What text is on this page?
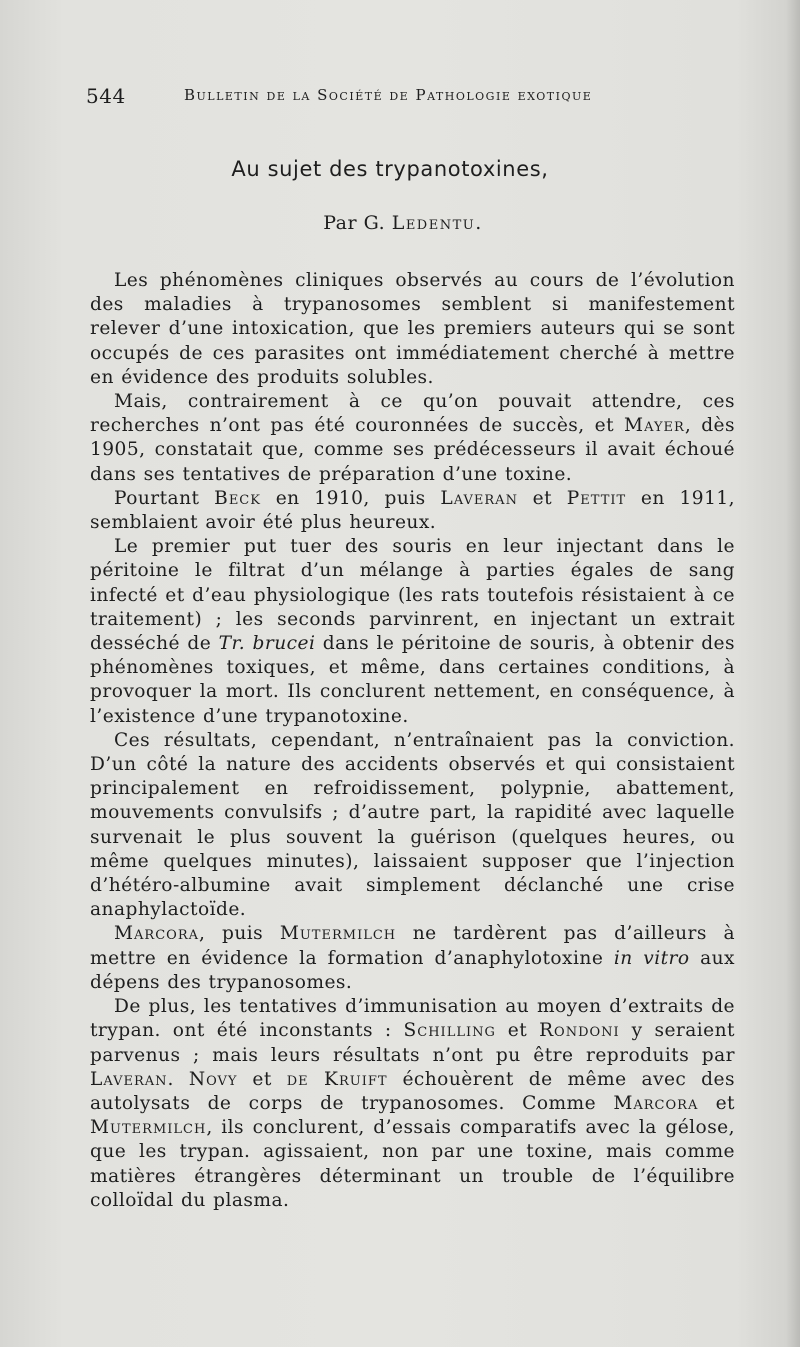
544	Bulletin de la Société de Pathologie exotique
Au sujet des trypanotoxines,
Par G. Ledentu.

Les phénomènes cliniques observés au cours de l’évolution des maladies à trypanosomes semblent si manifestement relever d’une intoxication, que les premiers auteurs qui se sont occupés de ces parasites ont immédiatement cherché à mettre en évidence des produits solubles.

Mais, contrairement à ce qu’on pouvait attendre, ces recherches n’ont pas été couronnées de succès, et Mayer, dès 1905, constatait que, comme ses prédécesseurs il avait échoué dans ses tentatives de préparation d’une toxine.

Pourtant Beck en 1910, puis Laveran et Pettit en 1911, semblaient avoir été plus heureux.

Le premier put tuer des souris en leur injectant dans le péritoine le filtrat d’un mélange à parties égales de sang infecté et d’eau physiologique (les rats toutefois résistaient à ce traitement) ; les seconds parvinrent, en injectant un extrait desséché de Tr. brucei dans le péritoine de souris, à obtenir des phénomènes toxiques, et même, dans certaines conditions, à provoquer la mort. Ils conclurent nettement, en conséquence, à l’existence d’une trypanotoxine.

Ces résultats, cependant, n’entraînaient pas la conviction. D’un côté la nature des accidents observés et qui consistaient principalement en refroidissement, polypnie, abattement, mouvements convulsifs ; d’autre part, la rapidité avec laquelle survenait le plus souvent la guérison (quelques heures, ou même quelques minutes), laissaient supposer que l’injection d’hétéro-albumine avait simplement déclanché une crise anaphylactoïde.

Marcora, puis Mutermilch ne tardèrent pas d’ailleurs à mettre en évidence la formation d’anaphylotoxine in vitro aux dépens des trypanosomes.

De plus, les tentatives d’immunisation au moyen d’extraits de trypan. ont été inconstants : Schilling et Rondoni y seraient parvenus ; mais leurs résultats n’ont pu être reproduits par Laveran. Novy et de Kruift échouèrent de même avec des autolysats de corps de trypanosomes. Comme Marcora et Mutermilch, ils conclurent, d’essais comparatifs avec la gélose, que les trypan. agissaient, non par une toxine, mais comme matières étrangères déterminant un trouble de l’équilibre colloïdal du plasma.
